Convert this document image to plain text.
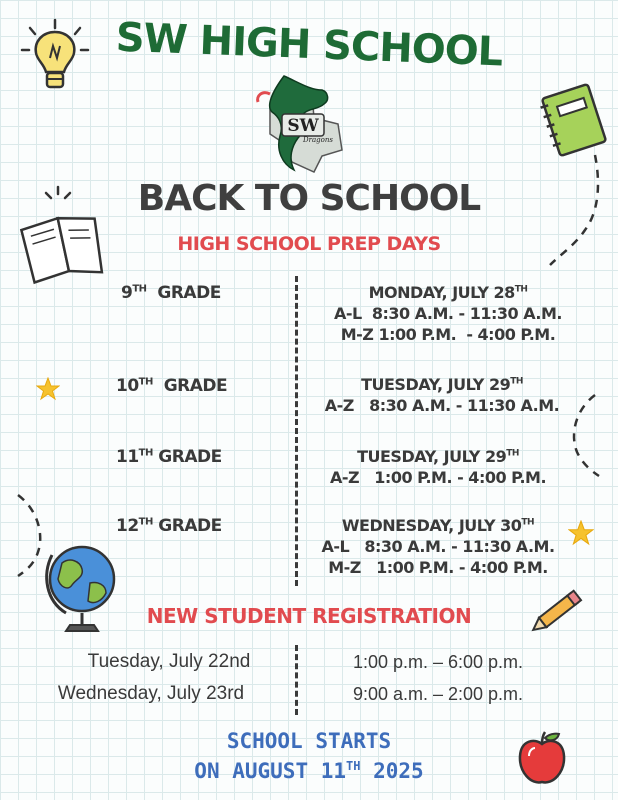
SW HIGH SCHOOL
SW
Dragons
BACK TO SCHOOL
HIGH SCHOOL PREP DAYS
9TH GRADE	MONDAY, JULY 28TH
A-L  8:30 A.M. - 11:30 A.M.
M-Z 1:00 P.M.  - 4:00 P.M.
10TH GRADE	TUESDAY, JULY 29TH
A-Z   8:30 A.M. - 11:30 A.M.
11TH GRADE	TUESDAY, JULY 29TH
A-Z   1:00 P.M. - 4:00 P.M.
12TH GRADE	WEDNESDAY, JULY 30TH
A-L   8:30 A.M. - 11:30 A.M.
M-Z   1:00 P.M. - 4:00 P.M.
NEW STUDENT REGISTRATION
Tuesday, July 22nd	1:00 p.m. – 6:00 p.m.
Wednesday, July 23rd	9:00 a.m. – 2:00 p.m.
SCHOOL STARTS
ON AUGUST 11TH 2025
